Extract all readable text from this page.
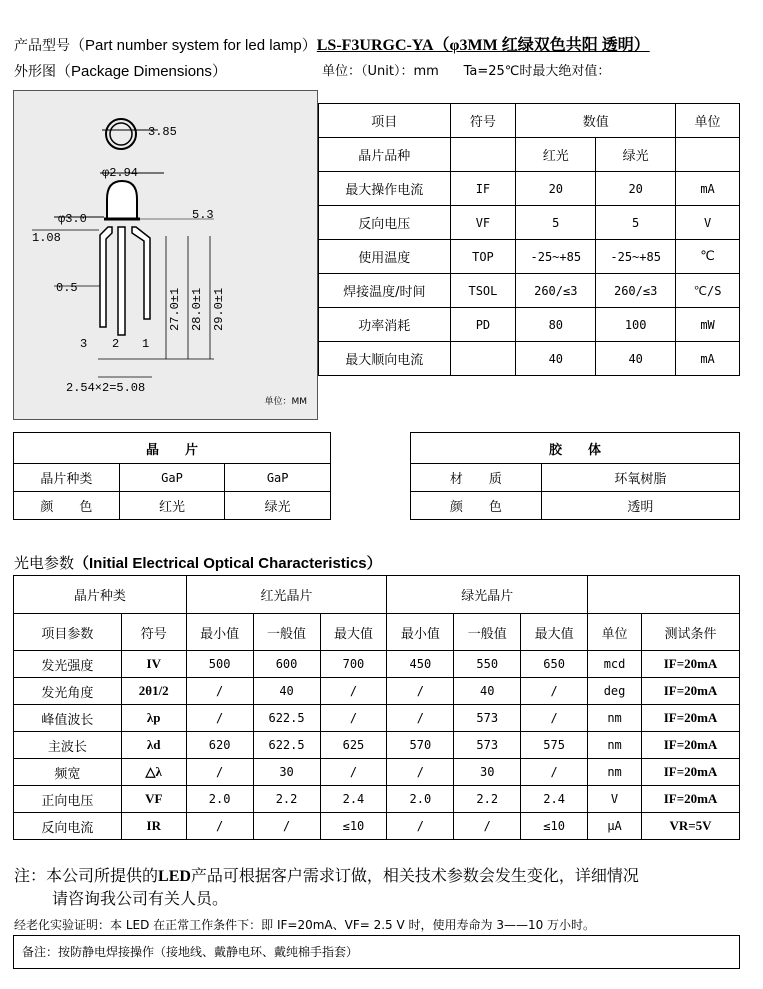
产品型号（Part number system for led lamp）LS-F3URGC-YA（φ3MM 红绿双色共阳 透明）
外形图（Package Dimensions）	单位：（Unit）：mm Ta=25℃时最大绝对值：
3.85
φ2.94
φ3.0	5.3
1.08
0.5
3 2 1
27.0±1 28.0±1 29.0±1
2.54×2=5.08
单位：MM
项目	符号	数值		单位
晶片品种		红光	绿光	
最大操作电流	IF	20	20	mA
反向电压	VF	5	5	V
使用温度	TOP	-25~+85	-25~+85	℃
焊接温度/时间	TSOL	260/≤3	260/≤3	℃/S
功率消耗	PD	80	100	mW
最大顺向电流		40	40	mA
晶　　片		
晶片种类	GaP	GaP
颜　　色	红光	绿光
胶　　体	
材　　质	环氧树脂
颜　　色	透明
光电参数（Initial Electrical Optical Characteristics）
晶片种类		红光晶片			绿光晶片				
项目参数	符号	最小值	一般值	最大值	最小值	一般值	最大值	单位	测试条件
发光强度	IV	500	600	700	450	550	650	mcd	IF=20mA
发光角度	2θ1/2	/	40	/	/	40	/	deg	IF=20mA
峰值波长	λp	/	622.5	/	/	573	/	nm	IF=20mA
主波长	λd	620	622.5	625	570	573	575	nm	IF=20mA
频宽	△λ	/	30	/	/	30	/	nm	IF=20mA
正向电压	VF	2.0	2.2	2.4	2.0	2.2	2.4	V	IF=20mA
反向电流	IR	/	/	≤10	/	/	≤10	μA	VR=5V
注：本公司所提供的LED产品可根据客户需求订做，相关技术参数会发生变化，详细情况
请咨询我公司有关人员。
经老化实验证明：本 LED 在正常工作条件下：即 IF=20mA、VF= 2.5 V 时，使用寿命为 3——10 万小时。
备注：按防静电焊接操作（接地线、戴静电环、戴纯棉手指套）
